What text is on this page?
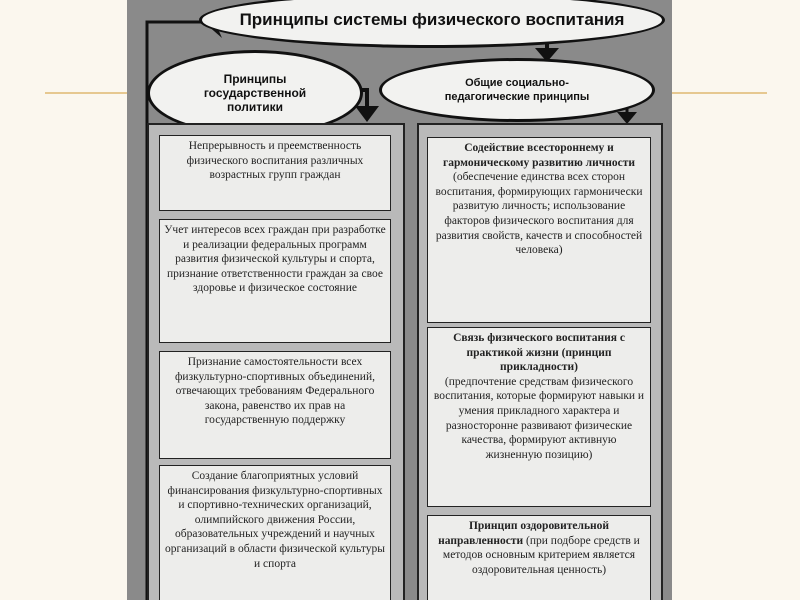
Принципы системы физического воспитания
Принципы государственной политики
Общие социально-педагогические принципы
Непрерывность и преемственность физического воспитания различных возрастных групп граждан
Учет интересов всех граждан при разработке и реализации федеральных программ развития физической культуры и спорта, признание ответственности граждан за свое здоровье и физическое состояние
Признание самостоятельности всех физкультурно-спортивных объединений, отвечающих требованиям Федерального закона, равенство их прав на государственную поддержку
Создание благоприятных условий финансирования физкультурно-спортивных и спортивно-технических организаций, олимпийского движения России, образовательных учреждений и научных организаций в области физической культуры и спорта
Содействие всестороннему и гармоническому развитию личности
(обеспечение единства всех сторон воспитания, формирующих гармонически развитую личность; использование факторов физического воспитания для развития свойств, качеств и способностей человека)
Связь физического воспитания с практикой жизни (принцип прикладности)
(предпочтение средствам физического воспитания, которые формируют навыки и умения прикладного характера и разносторонне развивают физические качества, формируют активную жизненную позицию)
Принцип оздоровительной направленности (при подборе средств и методов основным критерием является оздоровительная ценность)
